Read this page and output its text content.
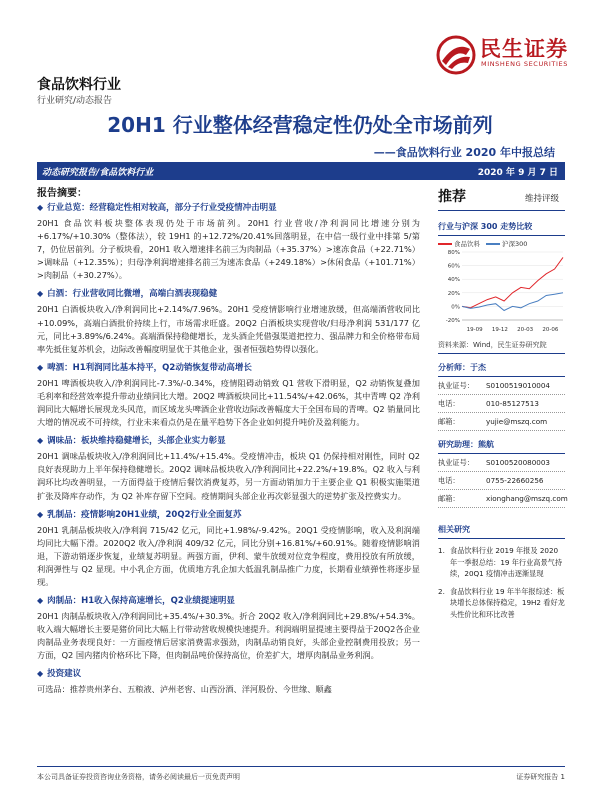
民生证券
MINSHENG SECURITIES
食品饮料行业
行业研究/动态报告
20H1 行业整体经营稳定性仍处全市场前列
——食品饮料行业 2020 年中报总结
动态研究报告/食品饮料行业	2020 年 9 月 7 日
报告摘要：
◆ 行业总览：经营稳定性相对较高，部分子行业受疫情冲击明显
20H1 食品饮料板块整体表现仍处于市场前列。20H1 行业营收/净利润同比增速分别为+6.17%/+10.30%（整体法），较 19H1 的+12.72%/20.41%回落明显，在中信一级行业中排第 5/第 7，仍位居前列。分子板块看，20H1 收入增速排名前三为肉制品（+35.37%）>速冻食品（+22.71%）>调味品（+12.35%）；归母净利润增速排名前三为速冻食品（+249.18%）>休闲食品（+101.71%）>肉制品（+30.27%）。
◆ 白酒：行业营收同比微增，高端白酒表现稳健
20H1 白酒板块收入/净利润同比+2.14%/7.96%。20H1 受疫情影响行业增速放缓，但高端酒营收同比+10.09%，高端白酒批价持续上行，市场需求旺盛。20Q2 白酒板块实现营收/归母净利润 531/177 亿元，同比+3.89%/6.24%。高端酒保持稳健增长，龙头酒企凭借强渠道把控力、强品牌力和全价格带布局率先抵住复苏机会，边际改善幅度明显优于其他企业，强者恒强趋势得以强化。
◆ 啤酒：H1利润同比基本持平，Q2动销恢复带动高增长
20H1 啤酒板块收入/净利润同比-7.3%/-0.34%，疫情阻碍动销致 Q1 营收下滑明显，Q2 动销恢复叠加毛利率和经营效率提升带动业绩同比大增。20Q2 啤酒板块同比+11.54%/+42.06%，其中青啤 Q2 净利润同比大幅增长展现龙头风范，而区域龙头啤酒企业营收边际改善幅度大于全国布局的青啤。Q2 销量同比大增的情况或不可持续，行业未来看点仍是在量平趋势下各企业如何提升吨价及盈利能力。
◆ 调味品：板块维持稳健增长，头部企业实力彰显
20H1 调味品板块收入/净利润同比+11.4%/+15.4%。受疫情冲击，板块 Q1 仍保持相对刚性，同时 Q2 良好表现助力上半年保持稳健增长。20Q2 调味品板块收入/净利润同比+22.2%/+19.8%。Q2 收入与利润环比均改善明显，一方面得益于疫情后餐饮消费复苏，另一方面动销加力于主要企业 Q1 积极实施渠道扩张及降库存动作，为 Q2 补库存留下空间。疫情期间头部企业再次彰显强大的逆势扩张及控费实力。
◆ 乳制品：疫情影响20H1业绩，20Q2行业全面复苏
20H1 乳制品板块收入/净利润 715/42 亿元，同比+1.98%/-9.42%。20Q1 受疫情影响，收入及利润端均同比大幅下滑。2020Q2 收入/净利润 409/32 亿元，同比分别+16.81%/+60.91%。随着疫情影响消退，下游动销逐步恢复，业绩复苏明显。两强方面，伊利、蒙牛放缓对位竞争程度，费用投放有所放缓，利润弹性与 Q2 显现。中小乳企方面，优质地方乳企加大低温乳制品推广力度，长期看业绩弹性将逐步显现。
◆ 肉制品：H1收入保持高速增长，Q2业绩提速明显
20H1 肉制品板块收入/净利润同比+35.4%/+30.3%。折合 20Q2 收入/净利润同比+29.8%/+54.3%。收入端大幅增长主要是猪价同比大幅上行带动营收规模快速提升。利润端明显提速主要得益于20Q2各企业肉制品业务表现良好：一方面疫情后居家消费需求强劲，肉制品动销良好，头部企业控制费用投放；另一方面，Q2 国内猪肉价格环比下降，但肉制品吨价保持高位，价差扩大，增厚肉制品业务利润。
◆ 投资建议
可选品：推荐贵州茅台、五粮液、泸州老窖、山西汾酒、洋河股份、今世缘、顺鑫
推荐	维持评级
行业与沪深 300 走势比较
食品饮料	沪深300
-20%
0%
20%
40%
60%
80%
19-09 19-12 20-03 20-06
资料来源：Wind，民生证券研究院
分析师：于杰
执业证号：	S0100519010004
电话：	010-85127513
邮箱：	yujie@mszq.com
研究助理：熊航
执业证号：	S0100520080003
电话：	0755-22660256
邮箱：	xionghang@mszq.com
相关研究
1. 食品饮料行业 2019 年报及 2020 年一季报总结：19 年行业高景气持续，20Q1 疫情冲击逐渐显现
2. 食品饮料行业 19 年半年报综述：板块增长总体保持稳定，19H2 看好龙头性价比和环比改善
本公司具备证券投资咨询业务资格，请务必阅读最后一页免责声明	证券研究报告 1
